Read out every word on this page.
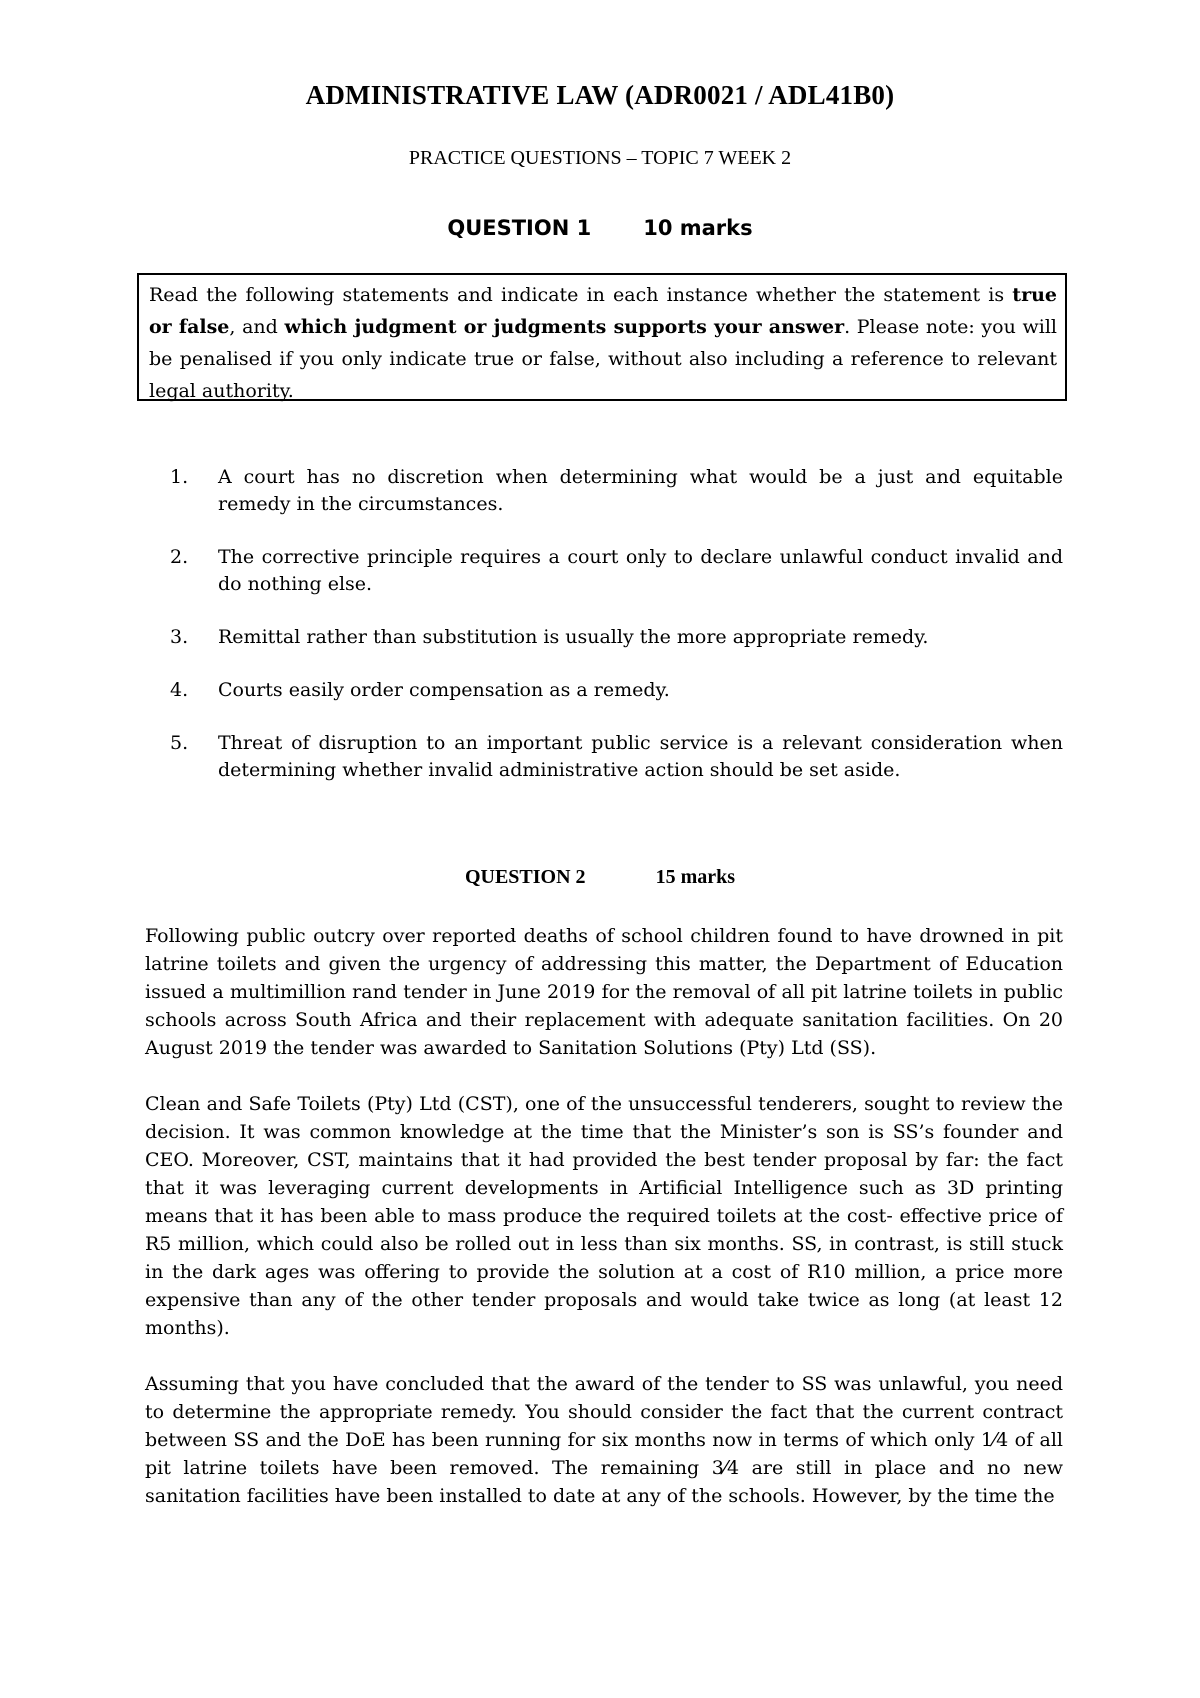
ADMINISTRATIVE LAW (ADR0021 / ADL41B0)
PRACTICE QUESTIONS – TOPIC 7 WEEK 2
QUESTION 1 10 marks
Read the following statements and indicate in each instance whether the statement is true or false, and which judgment or judgments supports your answer. Please note: you will be penalised if you only indicate true or false, without also including a reference to relevant legal authority.
1.	A court has no discretion when determining what would be a just and equitable remedy in the circumstances.
2.	The corrective principle requires a court only to declare unlawful conduct invalid and do nothing else.
3.	Remittal rather than substitution is usually the more appropriate remedy.
4.	Courts easily order compensation as a remedy.
5.	Threat of disruption to an important public service is a relevant consideration when determining whether invalid administrative action should be set aside.
QUESTION 2	15 marks

Following public outcry over reported deaths of school children found to have drowned in pit latrine toilets and given the urgency of addressing this matter, the Department of Education issued a multimillion rand tender in June 2019 for the removal of all pit latrine toilets in public schools across South Africa and their replacement with adequate sanitation facilities. On 20 August 2019 the tender was awarded to Sanitation Solutions (Pty) Ltd (SS).

Clean and Safe Toilets (Pty) Ltd (CST), one of the unsuccessful tenderers, sought to review the decision. It was common knowledge at the time that the Minister’s son is SS’s founder and CEO. Moreover, CST, maintains that it had provided the best tender proposal by far: the fact that it was leveraging current developments in Artificial Intelligence such as 3D printing means that it has been able to mass produce the required toilets at the cost- effective price of R5 million, which could also be rolled out in less than six months. SS, in contrast, is still stuck in the dark ages was offering to provide the solution at a cost of R10 million, a price more expensive than any of the other tender proposals and would take twice as long (at least 12 months).

Assuming that you have concluded that the award of the tender to SS was unlawful, you need to determine the appropriate remedy. You should consider the fact that the current contract between SS and the DoE has been running for six months now in terms of which only 1⁄4 of all pit latrine toilets have been removed. The remaining 3⁄4 are still in place and no new sanitation facilities have been installed to date at any of the schools. However, by the time the
